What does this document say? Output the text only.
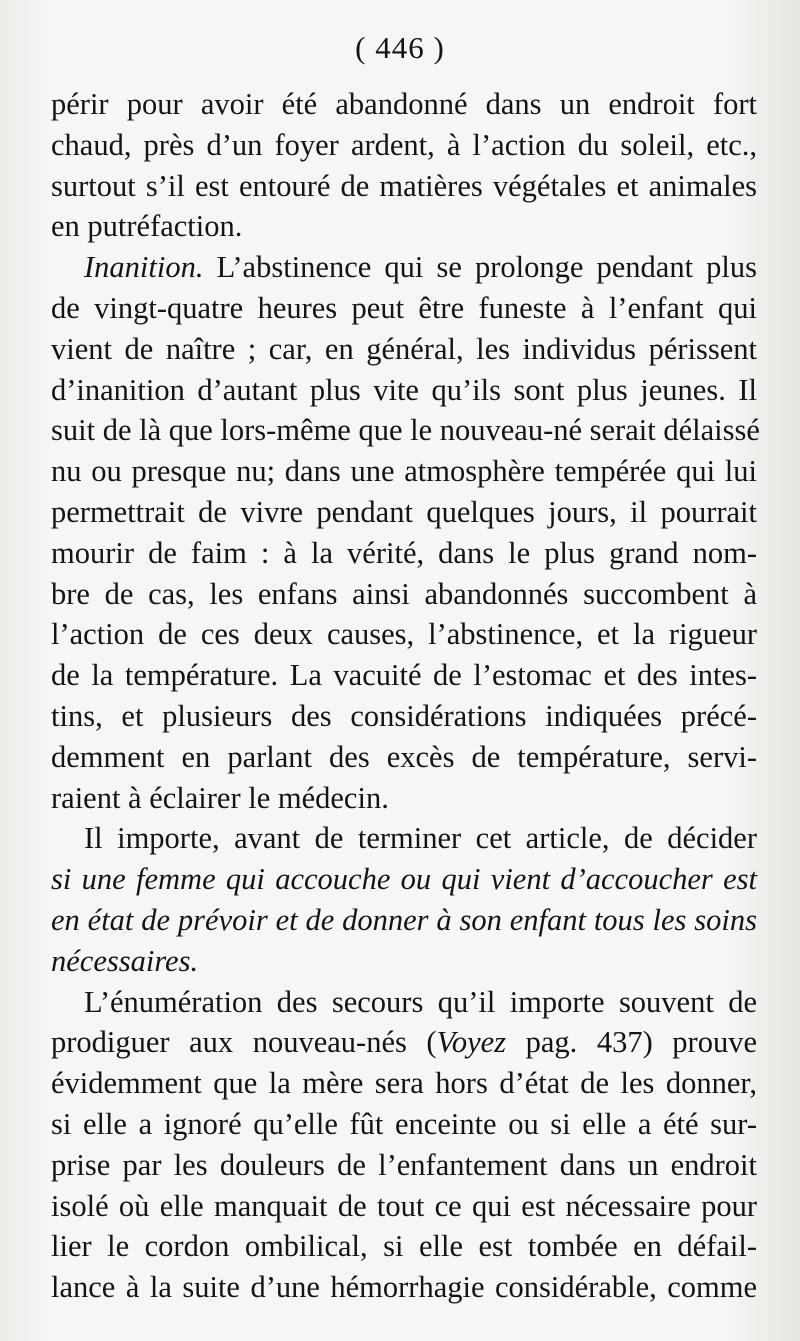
( 446 )
périr pour avoir été abandonné dans un endroit fort
chaud, près d’un foyer ardent, à l’action du soleil, etc.,
surtout s’il est entouré de matières végétales et animales
en putréfaction.
Inanition. L’abstinence qui se prolonge pendant plus
de vingt-quatre heures peut être funeste à l’enfant qui
vient de naître ; car, en général, les individus périssent
d’inanition d’autant plus vite qu’ils sont plus jeunes. Il
suit de là que lors-même que le nouveau-né serait délaissé
nu ou presque nu; dans une atmosphère tempérée qui lui
permettrait de vivre pendant quelques jours, il pourrait
mourir de faim : à la vérité, dans le plus grand nom-
bre de cas, les enfans ainsi abandonnés succombent à
l’action de ces deux causes, l’abstinence, et la rigueur
de la température. La vacuité de l’estomac et des intes-
tins, et plusieurs des considérations indiquées précé-
demment en parlant des excès de température, servi-
raient à éclairer le médecin.
Il importe, avant de terminer cet article, de décider
si une femme qui accouche ou qui vient d’accoucher est
en état de prévoir et de donner à son enfant tous les soins
nécessaires.
L’énumération des secours qu’il importe souvent de
prodiguer aux nouveau-nés (Voyez pag. 437) prouve
évidemment que la mère sera hors d’état de les donner,
si elle a ignoré qu’elle fût enceinte ou si elle a été sur-
prise par les douleurs de l’enfantement dans un endroit
isolé où elle manquait de tout ce qui est nécessaire pour
lier le cordon ombilical, si elle est tombée en défail-
lance à la suite d’une hémorrhagie considérable, comme
